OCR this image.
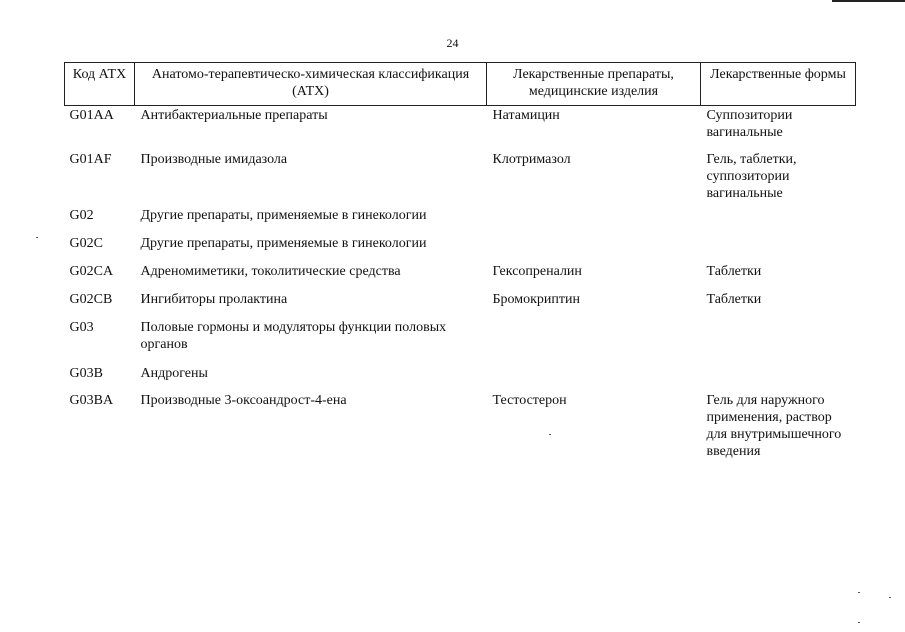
24
Код АТХ	Анатомо-терапевтическо-химическая классификация (АТХ)	Лекарственные препараты, медицинские изделия	Лекарственные формы
G01AA	Антибактериальные препараты	Натамицин	Суппозитории вагинальные
G01AF	Производные имидазола	Клотримазол	Гель, таблетки, суппозитории вагинальные
G02	Другие препараты, применяемые в гинекологии		
G02C	Другие препараты, применяемые в гинекологии		
G02CA	Адреномиметики, токолитические средства	Гексопреналин	Таблетки
G02CB	Ингибиторы пролактина	Бромокриптин	Таблетки
G03	Половые гормоны и модуляторы функции половых органов		
G03B	Андрогены		
G03BA	Производные 3-оксоандрост-4-ена	Тестостерон	Гель для наружного применения, раствор для внутримышечного введения
